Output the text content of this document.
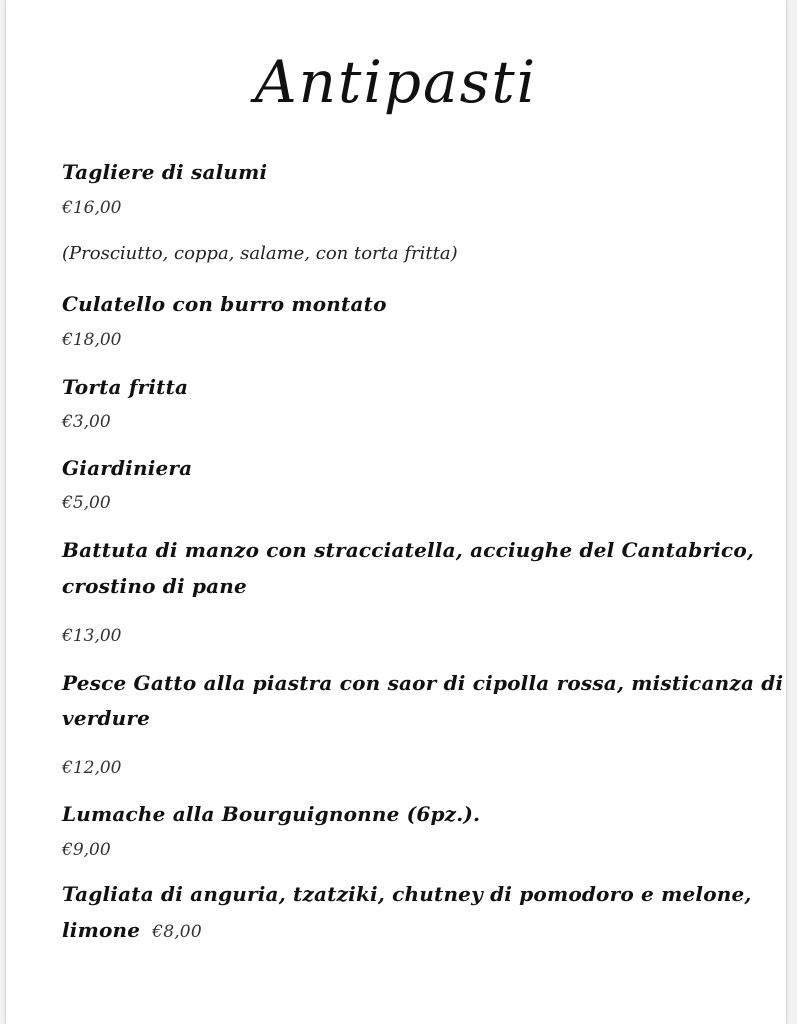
Antipasti
Tagliere di salumi
€16,00
(Prosciutto, coppa, salame, con torta fritta)
Culatello con burro montato
€18,00
Torta fritta
€3,00
Giardiniera
€5,00
Battuta di manzo con stracciatella, acciughe del Cantabrico,
crostino di pane
€13,00
Pesce Gatto alla piastra con saor di cipolla rossa, misticanza di
verdure
€12,00
Lumache alla Bourguignonne (6pz.).
€9,00
Tagliata di anguria, tzatziki, chutney di pomodoro e melone,
limone €8,00
